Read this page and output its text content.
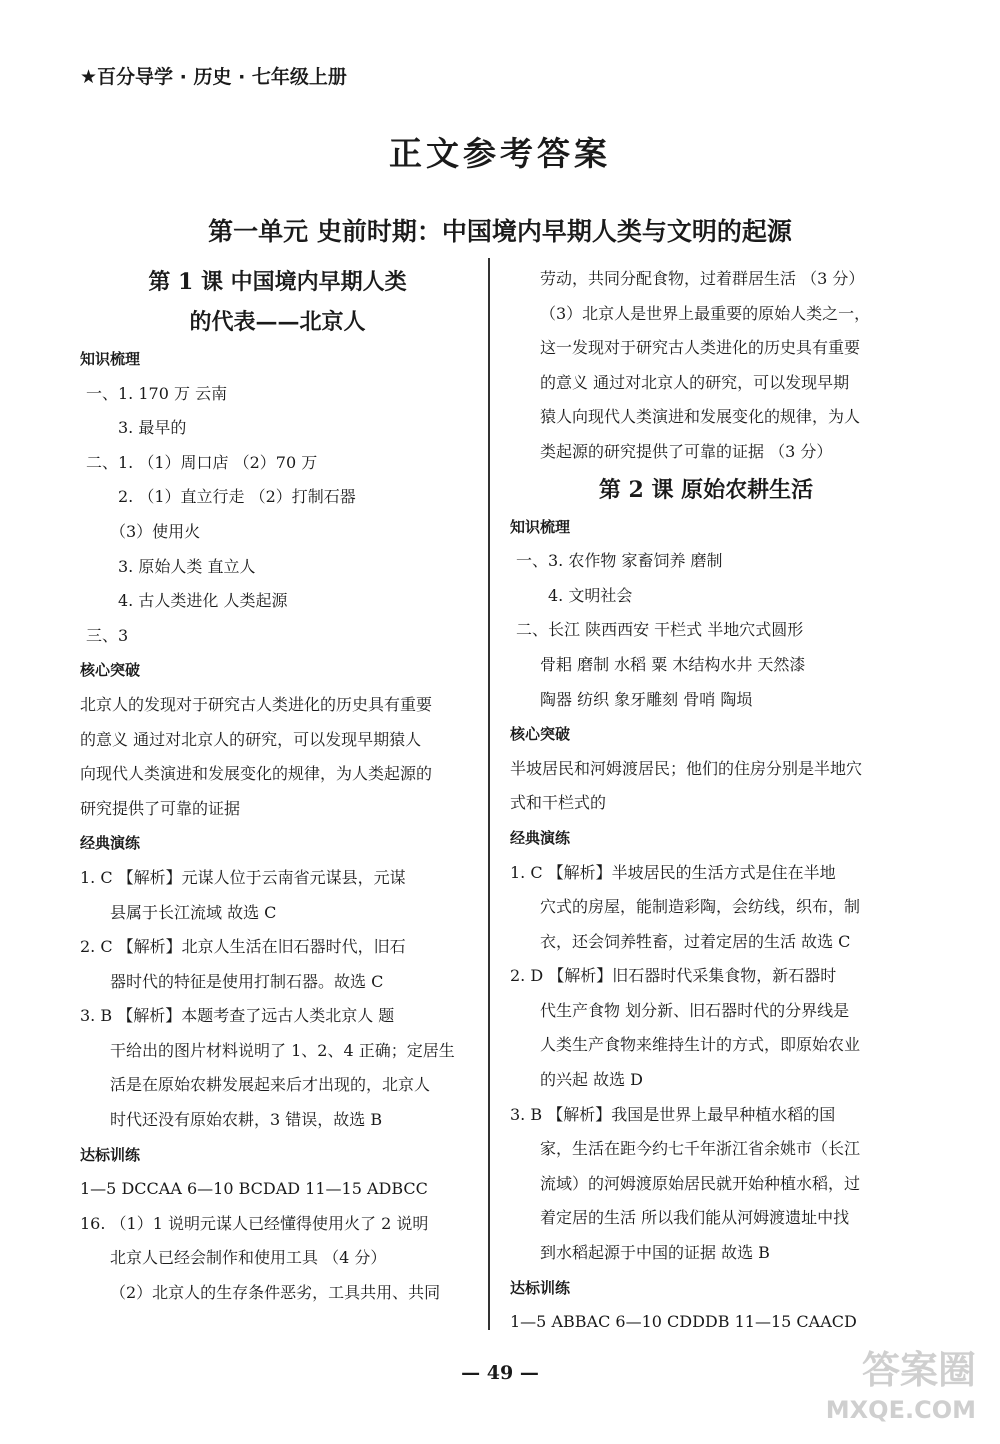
★百分导学 · 历史 · 七年级上册
正文参考答案
第一单元 史前时期：中国境内早期人类与文明的起源
第 1 课 中国境内早期人类
的代表——北京人
知识梳理
一、1. 170 万 云南
3. 最早的
二、1. （1）周口店 （2）70 万
2. （1）直立行走 （2）打制石器
（3）使用火
3. 原始人类 直立人
4. 古人类进化 人类起源
三、3
核心突破
北京人的发现对于研究古人类进化的历史具有重要
的意义 通过对北京人的研究，可以发现早期猿人
向现代人类演进和发展变化的规律，为人类起源的
研究提供了可靠的证据
经典演练
1. C 【解析】元谋人位于云南省元谋县，元谋
县属于长江流域 故选 C
2. C 【解析】北京人生活在旧石器时代，旧石
器时代的特征是使用打制石器。故选 C
3. B 【解析】本题考查了远古人类北京人 题
干给出的图片材料说明了 1、2、4 正确；定居生
活是在原始农耕发展起来后才出现的，北京人
时代还没有原始农耕，3 错误，故选 B
达标训练
1—5 DCCAA 6—10 BCDAD 11—15 ADBCC
16. （1）1 说明元谋人已经懂得使用火了 2 说明
北京人已经会制作和使用工具 （4 分）
（2）北京人的生存条件恶劣，工具共用、共同
劳动，共同分配食物，过着群居生活 （3 分）
（3）北京人是世界上最重要的原始人类之一，
这一发现对于研究古人类进化的历史具有重要
的意义 通过对北京人的研究，可以发现早期
猿人向现代人类演进和发展变化的规律，为人
类起源的研究提供了可靠的证据 （3 分）
第 2 课 原始农耕生活
知识梳理
一、3. 农作物 家畜饲养 磨制
4. 文明社会
二、长江 陕西西安 干栏式 半地穴式圆形
骨耜 磨制 水稻 粟 木结构水井 天然漆
陶器 纺织 象牙雕刻 骨哨 陶埙
核心突破
半坡居民和河姆渡居民；他们的住房分别是半地穴
式和干栏式的
经典演练
1. C 【解析】半坡居民的生活方式是住在半地
穴式的房屋，能制造彩陶，会纺线，织布，制
衣，还会饲养牲畜，过着定居的生活 故选 C
2. D 【解析】旧石器时代采集食物，新石器时
代生产食物 划分新、旧石器时代的分界线是
人类生产食物来维持生计的方式，即原始农业
的兴起 故选 D
3. B 【解析】我国是世界上最早种植水稻的国
家，生活在距今约七千年浙江省余姚市（长江
流域）的河姆渡原始居民就开始种植水稻，过
着定居的生活 所以我们能从河姆渡遗址中找
到水稻起源于中国的证据 故选 B
达标训练
1—5 ABBAC 6—10 CDDDB 11—15 CAACD
— 49 —	答案圈
MXQE.COM
